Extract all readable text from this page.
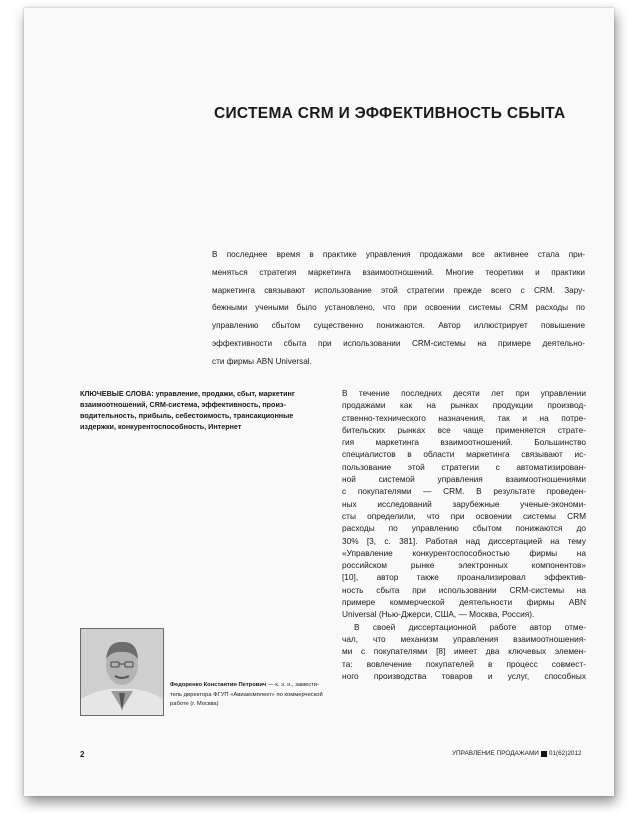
СИСТЕМА CRM И ЭФФЕКТИВНОСТЬ СБЫТА
В последнее время в практике управления продажами все активнее стала при-
меняться стратегия маркетинга взаимоотношений. Многие теоретики и практики
маркетинга связывают использование этой стратегии прежде всего с CRM. Зару-
бежными учеными было установлено, что при освоении системы CRM расходы по
управлению сбытом существенно понижаются. Автор иллюстрирует повышение
эффективности сбыта при использовании CRM-системы на примере деятельно-
сти фирмы ABN Universal.
КЛЮЧЕВЫЕ СЛОВА: управление, продажи, сбыт, маркетинг
взаимоотношений, CRM-система, эффективность, произ-
водительность, прибыль, себестоимость, трансакционные
издержки, конкурентоспособность, Интернет
В течение последних десяти лет при управлении
продажами как на рынках продукции производ-
ственно-технического назначения, так и на потре-
бительских рынках все чаще применяется страте-
гия маркетинга взаимоотношений. Большинство
специалистов в области маркетинга связывают ис-
пользование этой стратегии с автоматизирован-
ной системой управления взаимоотношениями
с покупателями — CRM. В результате проведен-
ных исследований зарубежные ученые-экономи-
сты определили, что при освоении системы CRM
расходы по управлению сбытом понижаются до
30% [3, с. 381]. Работая над диссертацией на тему
«Управление конкурентоспособностью фирмы на
российском рынке электронных компонентов»
[10], автор также проанализировал эффектив-
ность сбыта при использовании CRM-системы на
примере коммерческой деятельности фирмы ABN
Universal (Нью-Джерси, США, — Москва, Россия).
В своей диссертационной работе автор отме-
чал, что механизм управления взаимоотношения-
ми с покупателями [8] имеет два ключевых элемен-
та: вовлечение покупателей в процесс совмест-
ного производства товаров и услуг, способных
Федоренко Константин Петрович — к. э. н., замести-
тель директора ФГУП «Авиакомплект» по коммерческой
работе (г. Москва)
2	УПРАВЛЕНИЕ ПРОДАЖАМИ 01(62)2012
